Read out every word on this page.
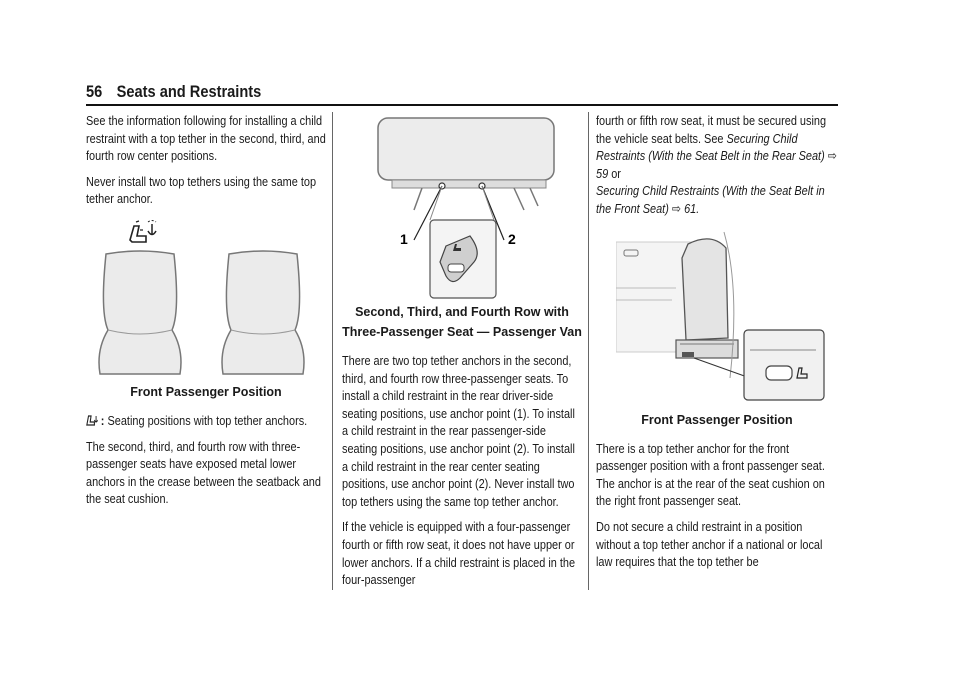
56 Seats and Restraints

See the information following for installing a child restraint with a top tether in the second, third, and fourth row center positions.

Never install two top tethers using the same top tether anchor.

Front Passenger Position

: Seating positions with top tether anchors.

The second, third, and fourth row with three-passenger seats have exposed metal lower anchors in the crease between the seatback and the seat cushion.

1	2
Second, Third, and Fourth Row with
Three-Passenger Seat — Passenger Van

There are two top tether anchors in the second, third, and fourth row three-passenger seats. To install a child restraint in the rear driver-side seating positions, use anchor point (1). To install a child restraint in the rear passenger-side seating positions, use anchor point (2). To install a child restraint in the rear center seating positions, use anchor point (2). Never install two top tethers using the same top tether anchor.

If the vehicle is equipped with a four-passenger fourth or fifth row seat, it does not have upper or lower anchors. If a child restraint is placed in the four-passenger

fourth or fifth row seat, it must be secured using the vehicle seat belts. See Securing Child Restraints (With the Seat Belt in the Rear Seat) ⇨ 59 or
Securing Child Restraints (With the Seat Belt in the Front Seat) ⇨ 61.

Front Passenger Position

There is a top tether anchor for the front passenger position with a front passenger seat. The anchor is at the rear of the seat cushion on the right front passenger seat.

Do not secure a child restraint in a position without a top tether anchor if a national or local law requires that the top tether be
